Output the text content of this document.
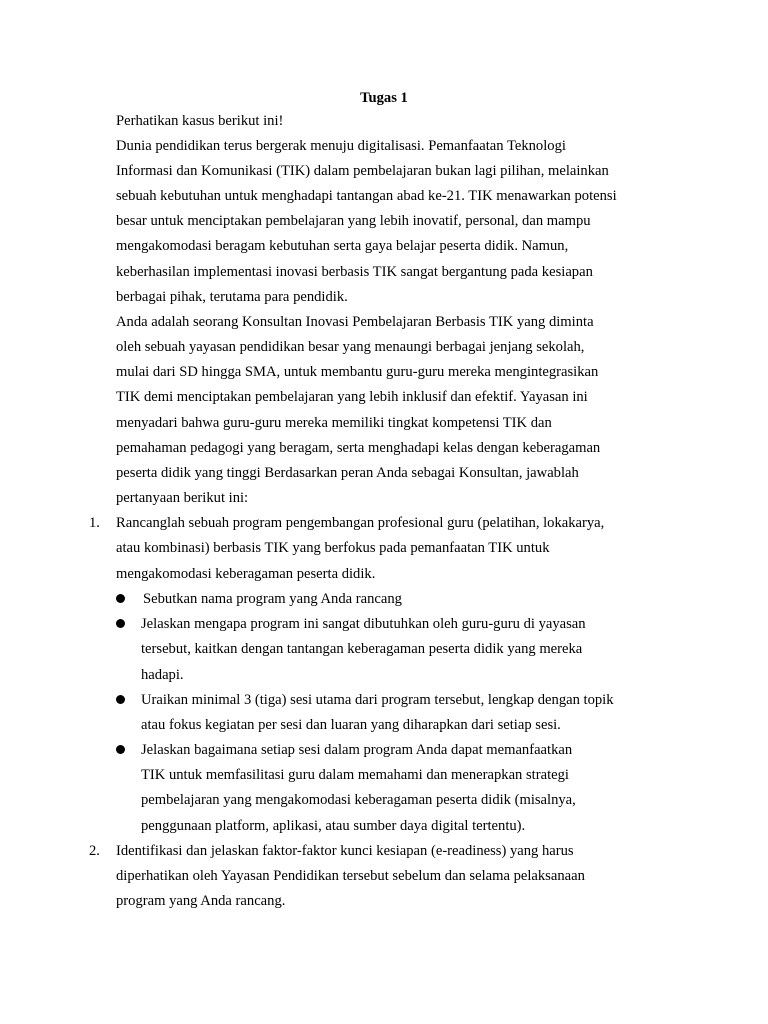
Tugas 1
Perhatikan kasus berikut ini!
Dunia pendidikan terus bergerak menuju digitalisasi. Pemanfaatan Teknologi
Informasi dan Komunikasi (TIK) dalam pembelajaran bukan lagi pilihan, melainkan
sebuah kebutuhan untuk menghadapi tantangan abad ke-21. TIK menawarkan potensi
besar untuk menciptakan pembelajaran yang lebih inovatif, personal, dan mampu
mengakomodasi beragam kebutuhan serta gaya belajar peserta didik. Namun,
keberhasilan implementasi inovasi berbasis TIK sangat bergantung pada kesiapan
berbagai pihak, terutama para pendidik.
Anda adalah seorang Konsultan Inovasi Pembelajaran Berbasis TIK yang diminta
oleh sebuah yayasan pendidikan besar yang menaungi berbagai jenjang sekolah,
mulai dari SD hingga SMA, untuk membantu guru-guru mereka mengintegrasikan
TIK demi menciptakan pembelajaran yang lebih inklusif dan efektif. Yayasan ini
menyadari bahwa guru-guru mereka memiliki tingkat kompetensi TIK dan
pemahaman pedagogi yang beragam, serta menghadapi kelas dengan keberagaman
peserta didik yang tinggi Berdasarkan peran Anda sebagai Konsultan, jawablah
pertanyaan berikut ini:
1. Rancanglah sebuah program pengembangan profesional guru (pelatihan, lokakarya,
atau kombinasi) berbasis TIK yang berfokus pada pemanfaatan TIK untuk
mengakomodasi keberagaman peserta didik.
Sebutkan nama program yang Anda rancang
Jelaskan mengapa program ini sangat dibutuhkan oleh guru-guru di yayasan
tersebut, kaitkan dengan tantangan keberagaman peserta didik yang mereka
hadapi.
Uraikan minimal 3 (tiga) sesi utama dari program tersebut, lengkap dengan topik
atau fokus kegiatan per sesi dan luaran yang diharapkan dari setiap sesi.
Jelaskan bagaimana setiap sesi dalam program Anda dapat memanfaatkan
TIK untuk memfasilitasi guru dalam memahami dan menerapkan strategi
pembelajaran yang mengakomodasi keberagaman peserta didik (misalnya,
penggunaan platform, aplikasi, atau sumber daya digital tertentu).
2. Identifikasi dan jelaskan faktor-faktor kunci kesiapan (e-readiness) yang harus
diperhatikan oleh Yayasan Pendidikan tersebut sebelum dan selama pelaksanaan
program yang Anda rancang.
